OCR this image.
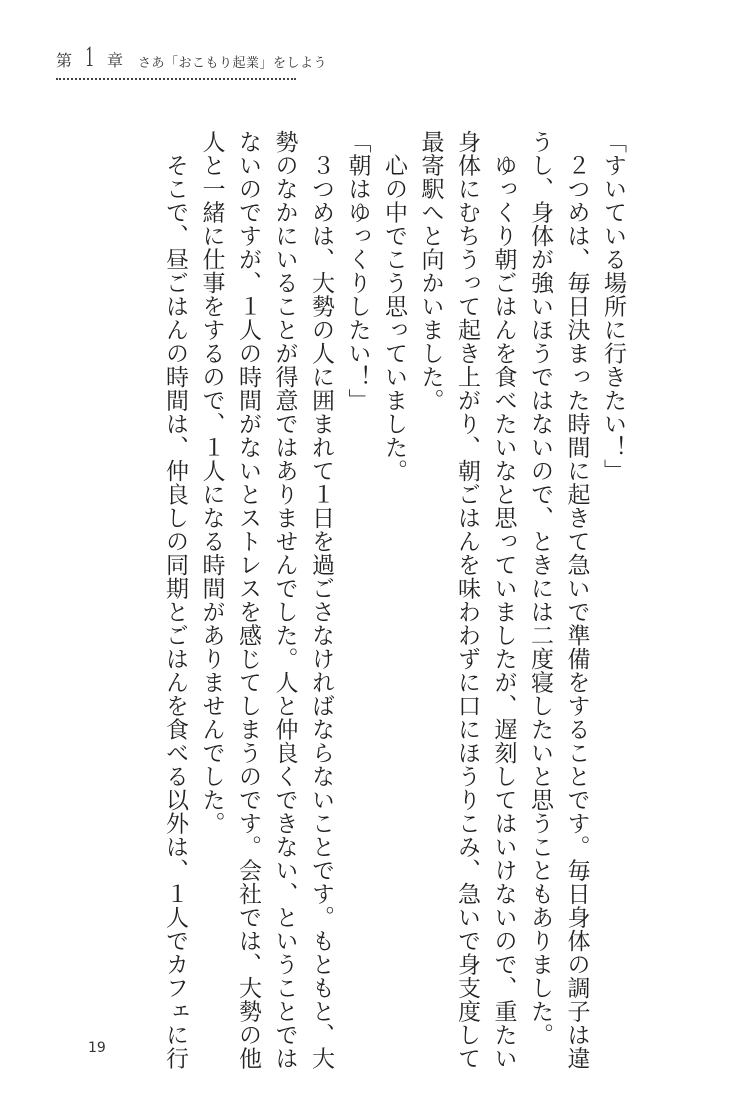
第 1 章 さあ「おこもり起業」をしよう
「すいている場所に行きたい！」
　２つめは、毎日決まった時間に起きて急いで準備をすることです。毎日身体の調子は違
うし、身体が強いほうではないので、ときには二度寝したいと思うこともありました。
　ゆっくり朝ごはんを食べたいなと思っていましたが、遅刻してはいけないので、重たい
身体にむちうって起き上がり、朝ごはんを味わわずに口にほうりこみ、急いで身支度して
最寄駅へと向かいました。
　心の中でこう思っていました。
「朝はゆっくりしたい！」
　３つめは、大勢の人に囲まれて１日を過ごさなければならないことです。もともと、大
勢のなかにいることが得意ではありませんでした。人と仲良くできない、ということでは
ないのですが、１人の時間がないとストレスを感じてしまうのです。会社では、大勢の他
人と一緒に仕事をするので、１人になる時間がありませんでした。
　そこで、昼ごはんの時間は、仲良しの同期とごはんを食べる以外は、１人でカフェに行
19
